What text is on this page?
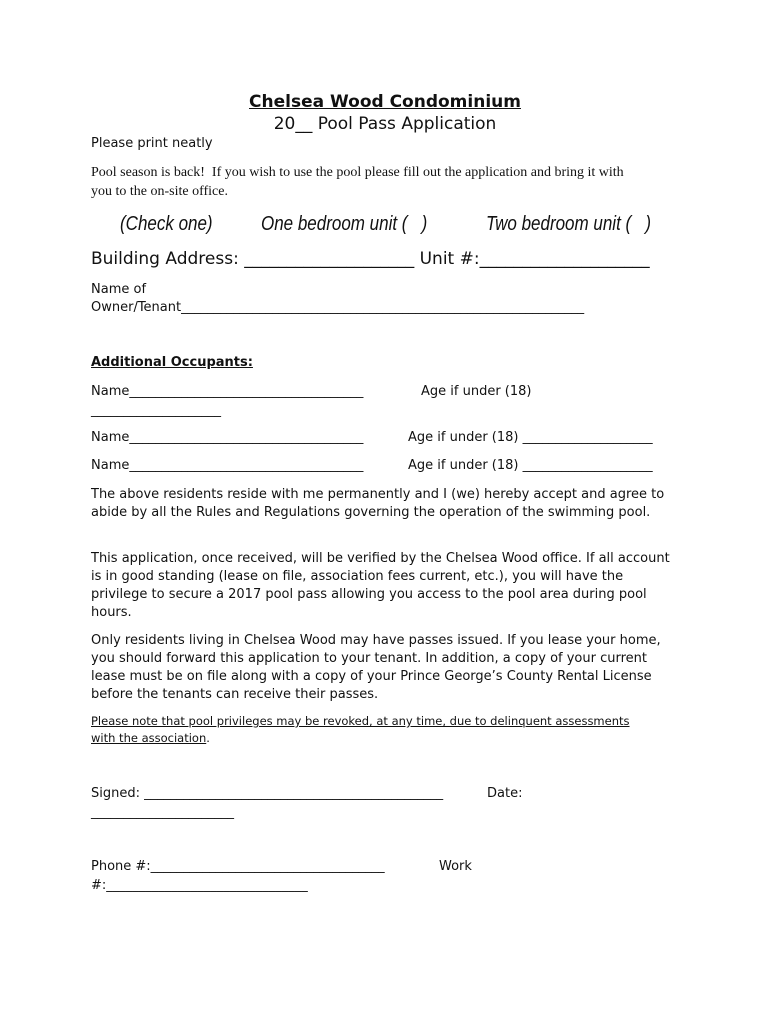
Chelsea Wood Condominium
20__ Pool Pass Application
Please print neatly
Pool season is back!  If you wish to use the pool please fill out the application and bring it with
you to the on-site office.
(Check one) One bedroom unit (   )	Two bedroom unit (   )
Building Address: ____________________ Unit #:____________________
Name of
Owner/Tenant______________________________________________________________
Additional Occupants:
Name____________________________________	Age if under (18)
____________________
Name____________________________________	Age if under (18) ____________________
Name____________________________________	Age if under (18) ____________________
The above residents reside with me permanently and I (we) hereby accept and agree to abide by all the Rules and Regulations governing the operation of the swimming pool.
This application, once received, will be verified by the Chelsea Wood office. If all account is in good standing (lease on file, association fees current, etc.), you will have the privilege to secure a 2017 pool pass allowing you access to the pool area during pool hours.
Only residents living in Chelsea Wood may have passes issued. If you lease your home, you should forward this application to your tenant. In addition, a copy of your current lease must be on file along with a copy of your Prince George’s County Rental License before the tenants can receive their passes.
Please note that pool privileges may be revoked, at any time, due to delinquent assessments with the association.
Signed: ______________________________________________	Date:
______________________
Phone #:____________________________________	Work
#:_______________________________
